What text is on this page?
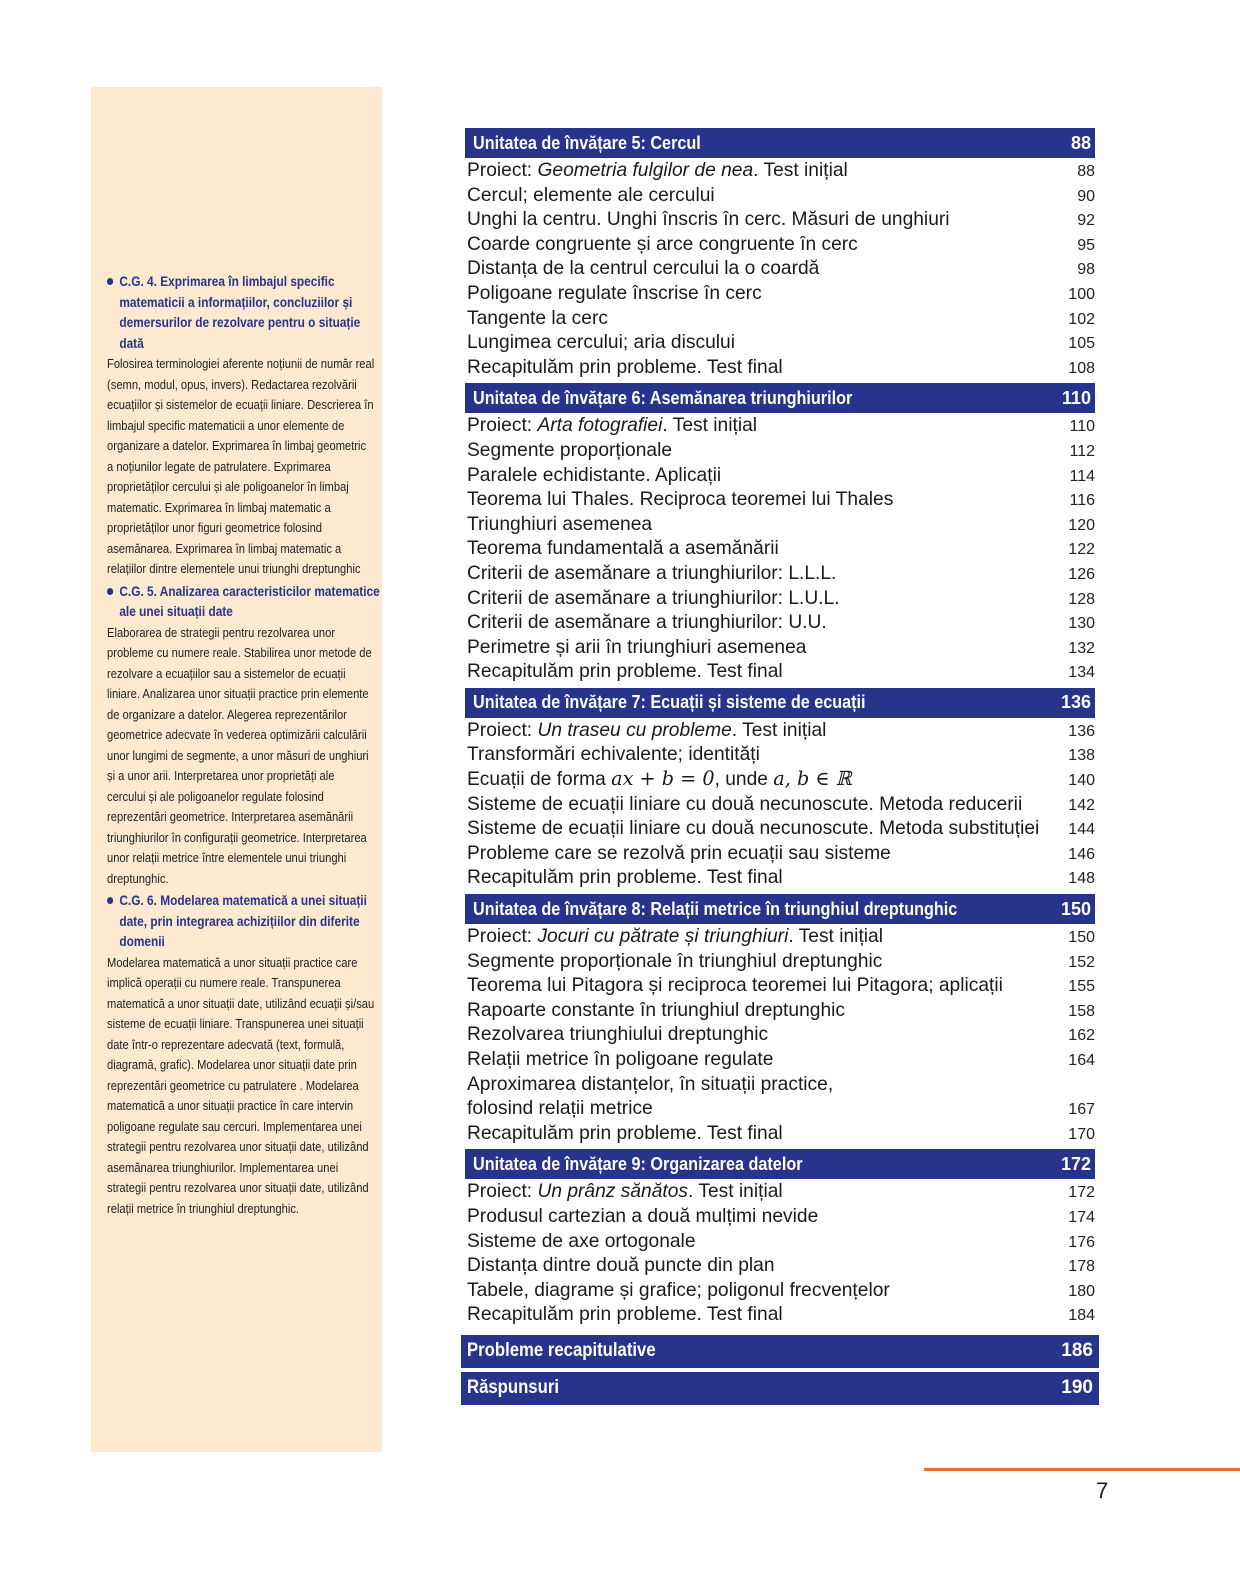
C.G. 4. Exprimarea în limbajul specific matematicii a informațiilor, concluziilor și demersurilor de rezolvare pentru o situație dată
Folosirea terminologiei aferente noțiunii de număr real (semn, modul, opus, invers). Redactarea rezolvării ecuațiilor și sistemelor de ecuații liniare. Descrierea în limbajul specific matematicii a unor elemente de organizare a datelor. Exprimarea în limbaj geometric a noțiunilor legate de patrulatere. Exprimarea proprietăților cercului și ale poligoanelor în limbaj matematic. Exprimarea în limbaj matematic a proprietăților unor figuri geometrice folosind asemănarea. Exprimarea în limbaj matematic a relațiilor dintre elementele unui triunghi dreptunghic
C.G. 5. Analizarea caracteristicilor matematice ale unei situații date
Elaborarea de strategii pentru rezolvarea unor probleme cu numere reale. Stabilirea unor metode de rezolvare a ecuațiilor sau a sistemelor de ecuații liniare. Analizarea unor situații practice prin elemente de organizare a datelor. Alegerea reprezentărilor geometrice adecvate în vederea optimizării calculării unor lungimi de segmente, a unor măsuri de unghiuri și a unor arii. Interpretarea unor proprietăți ale cercului și ale poligoanelor regulate folosind reprezentări geometrice. Interpretarea asemănării triunghiurilor în configurații geometrice. Interpretarea unor relații metrice între elementele unui triunghi dreptunghic.
C.G. 6. Modelarea matematică a unei situații date, prin integrarea achizițiilor din diferite domenii
Modelarea matematică a unor situații practice care implică operații cu numere reale. Transpunerea matematică a unor situații date, utilizând ecuații și/sau sisteme de ecuații liniare. Transpunerea unei situații date într-o reprezentare adecvată (text, formulă, diagramă, grafic). Modelarea unor situații date prin reprezentări geometrice cu patrulatere . Modelarea matematică a unor situații practice în care intervin poligoane regulate sau cercuri. Implementarea unei strategii pentru rezolvarea unor situații date, utilizând asemănarea triunghiurilor. Implementarea unei strategii pentru rezolvarea unor situații date, utilizând relații metrice în triunghiul dreptunghic.
Unitatea de învățare 5: Cercul	88
Proiect: Geometria fulgilor de nea. Test inițial	88
Cercul; elemente ale cercului	90
Unghi la centru. Unghi înscris în cerc. Măsuri de unghiuri	92
Coarde congruente și arce congruente în cerc	95
Distanța de la centrul cercului la o coardă	98
Poligoane regulate înscrise în cerc	100
Tangente la cerc	102
Lungimea cercului; aria discului	105
Recapitulăm prin probleme. Test final	108
Unitatea de învățare 6: Asemănarea triunghiurilor	110
Proiect: Arta fotografiei. Test inițial	110
Segmente proporționale	112
Paralele echidistante. Aplicații	114
Teorema lui Thales. Reciproca teoremei lui Thales	116
Triunghiuri asemenea	120
Teorema fundamentală a asemănării	122
Criterii de asemănare a triunghiurilor: L.L.L.	126
Criterii de asemănare a triunghiurilor: L.U.L.	128
Criterii de asemănare a triunghiurilor: U.U.	130
Perimetre și arii în triunghiuri asemenea	132
Recapitulăm prin probleme. Test final	134
Unitatea de învățare 7: Ecuații și sisteme de ecuații	136
Proiect: Un traseu cu probleme. Test inițial	136
Transformări echivalente; identități	138
Ecuații de forma ax + b = 0, unde a, b ∈ ℝ	140
Sisteme de ecuații liniare cu două necunoscute. Metoda reducerii	142
Sisteme de ecuații liniare cu două necunoscute. Metoda substituției 144
Probleme care se rezolvă prin ecuații sau sisteme	146
Recapitulăm prin probleme. Test final	148
Unitatea de învățare 8: Relații metrice în triunghiul dreptunghic	150
Proiect: Jocuri cu pătrate și triunghiuri. Test inițial	150
Segmente proporționale în triunghiul dreptunghic	152
Teorema lui Pitagora și reciproca teoremei lui Pitagora; aplicații	155
Rapoarte constante în triunghiul dreptunghic	158
Rezolvarea triunghiului dreptunghic	162
Relații metrice în poligoane regulate	164
Aproximarea distanțelor, în situații practice,
folosind relații metrice	167
Recapitulăm prin probleme. Test final	170
Unitatea de învățare 9: Organizarea datelor	172
Proiect: Un prânz sănătos. Test inițial	172
Produsul cartezian a două mulțimi nevide	174
Sisteme de axe ortogonale	176
Distanța dintre două puncte din plan	178
Tabele, diagrame și grafice; poligonul frecvențelor	180
Recapitulăm prin probleme. Test final	184
Probleme recapitulative	186
Răspunsuri	190
7
